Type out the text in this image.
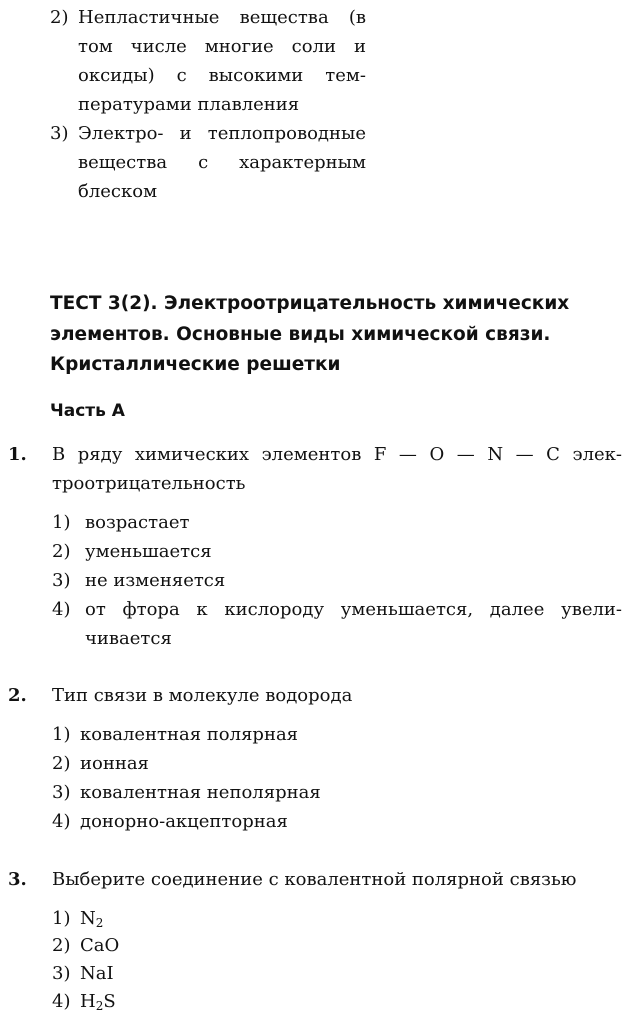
2) Непластичные вещества (в
том числе многие соли и
оксиды) с высокими тем-
пературами плавления
3) Электро- и теплопроводные
вещества с характерным
блеском
ТЕСТ 3(2). Электроотрицательность химических
элементов. Основные виды химической связи.
Кристаллические решетки
Часть А
1. В ряду химических элементов F — O — N — C элек-
троотрицательность
1) возрастает
2) уменьшается
3) не изменяется
4) от фтора к кислороду уменьшается, далее увели-
чивается
2. Тип связи в молекуле водорода
1) ковалентная полярная
2) ионная
3) ковалентная неполярная
4) донорно-акцепторная
3. Выберите соединение с ковалентной полярной связью
1) $N_2$
2) CaO
3) NaI
4) $H_2S$
